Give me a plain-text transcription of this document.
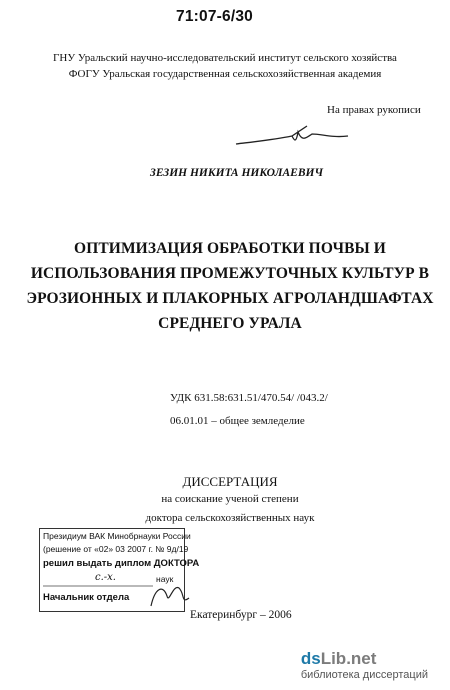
71:07-6/30
ГНУ Уральский научно-исследовательский институт сельского хозяйства
ФОГУ Уральская государственная сельскохозяйственная академия
На правах рукописи
ЗЕЗИН НИКИТА НИКОЛАЕВИЧ
ОПТИМИЗАЦИЯ ОБРАБОТКИ ПОЧВЫ И
ИСПОЛЬЗОВАНИЯ ПРОМЕЖУТОЧНЫХ КУЛЬТУР В
ЭРОЗИОННЫХ И ПЛАКОРНЫХ АГРОЛАНДШАФТАХ
СРЕДНЕГО УРАЛА
УДК 631.58:631.51/470.54/ /043.2/
06.01.01 – общее земледелие
ДИССЕРТАЦИЯ
на соискание ученой степени
доктора сельскохозяйственных наук
Президиум ВАК Минобрнауки России
(решение от «02» 03 2007 г. № 9д/19
решил выдать диплом ДОКТОРА
с.-х.	наук
Начальник отдела
Екатеринбург – 2006
dsLib.net
библиотека диссертаций
